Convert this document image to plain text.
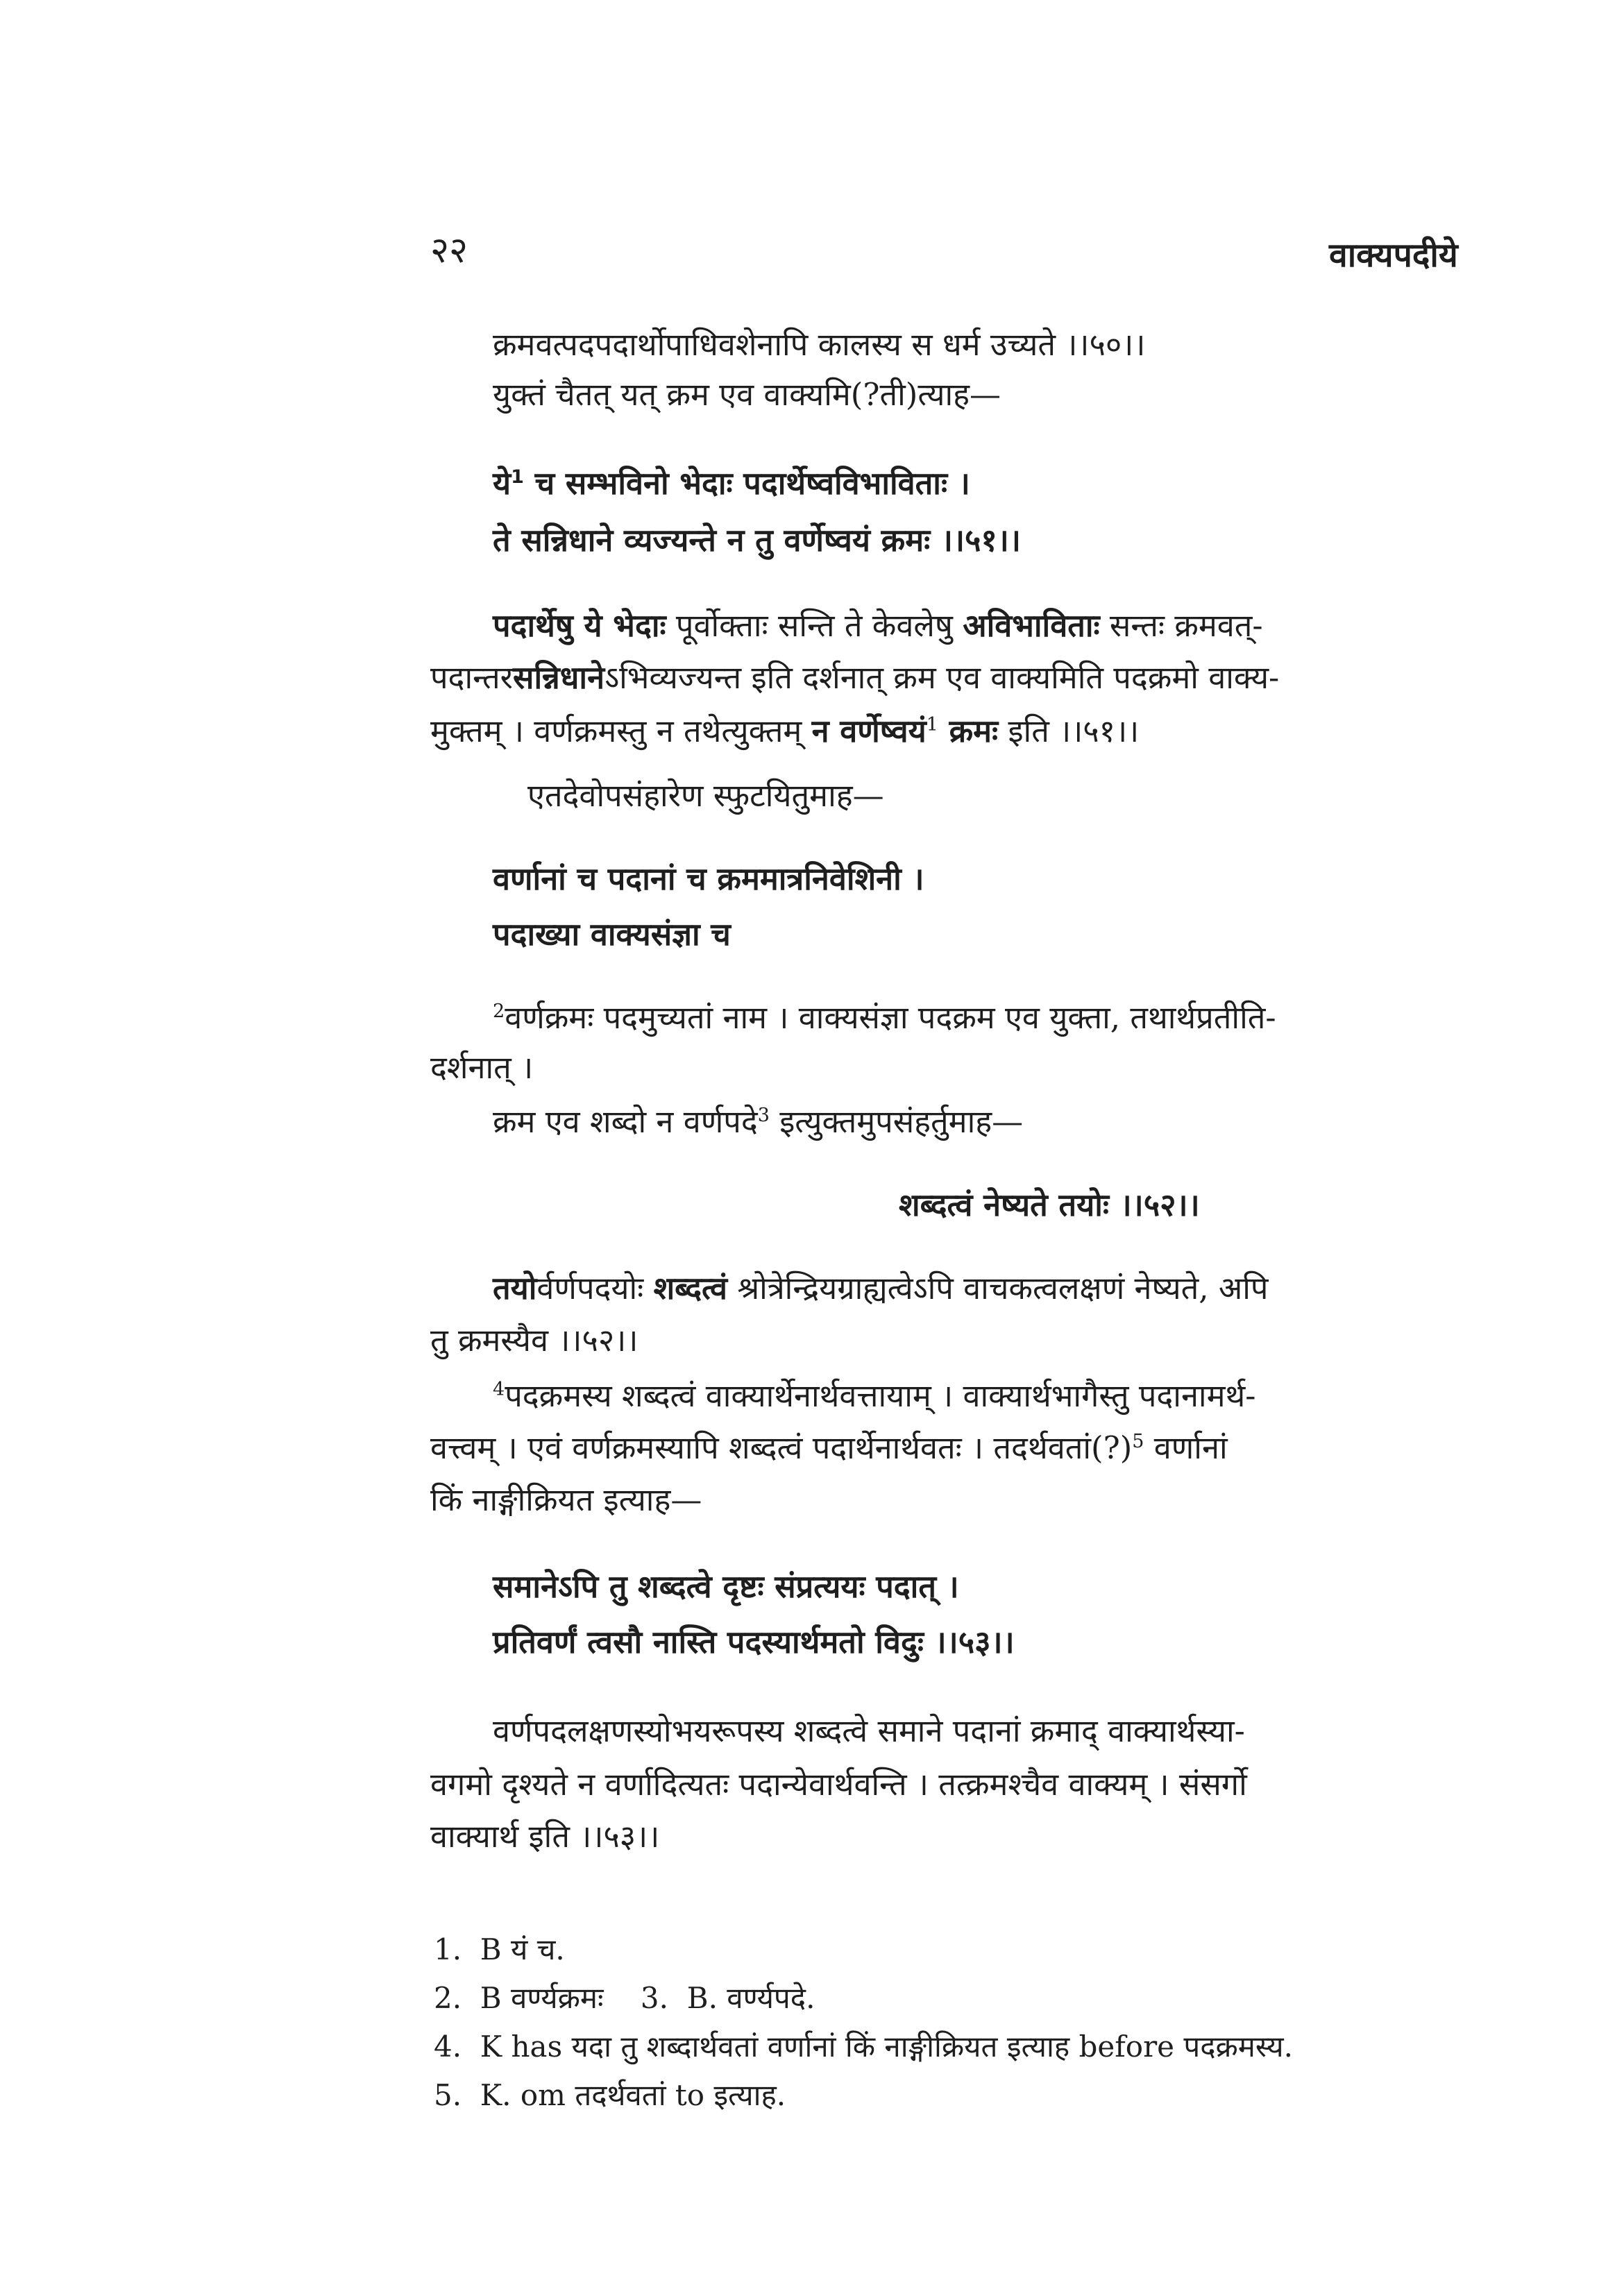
२२	वाक्यपदीये
क्रमवत्पदपदार्थोपाधिवशेनापि कालस्य स धर्म उच्यते ।।५०।।
युक्तं चैतत् यत् क्रम एव वाक्यमि(?ती)त्याह—
ये$^1$ च सम्भविनो भेदाः पदार्थेष्वविभाविताः ।
ते सन्निधाने व्यज्यन्ते न तु वर्णेष्वयं क्रमः ।।५१।।
पदार्थेषु ये भेदाः पूर्वोक्ताः सन्ति ते केवलेषु अविभाविताः सन्तः क्रमवत्-
पदान्तरसन्निधानेऽभिव्यज्यन्त इति दर्शनात् क्रम एव वाक्यमिति पदक्रमो वाक्य-
मुक्तम् । वर्णक्रमस्तु न तथेत्युक्तम् न वर्णेष्वयं$^1$ क्रमः इति ।।५१।।
एतदेवोपसंहारेण स्फुटयितुमाह—
वर्णानां च पदानां च क्रममात्रनिवेशिनी ।
पदाख्या वाक्यसंज्ञा च
$^2$वर्णक्रमः पदमुच्यतां नाम । वाक्यसंज्ञा पदक्रम एव युक्ता, तथार्थप्रतीति-
दर्शनात् ।
क्रम एव शब्दो न वर्णपदे$^3$ इत्युक्तमुपसंहर्तुमाह—
शब्दत्वं नेष्यते तयोः ।।५२।।
तयोर्वर्णपदयोः शब्दत्वं श्रोत्रेन्द्रियग्राह्यत्वेऽपि वाचकत्वलक्षणं नेष्यते, अपि
तु क्रमस्यैव ।।५२।।
$^4$पदक्रमस्य शब्दत्वं वाक्यार्थेनार्थवत्तायाम् । वाक्यार्थभागैस्तु पदानामर्थ-
वत्त्वम् । एवं वर्णक्रमस्यापि शब्दत्वं पदार्थेनार्थवतः । तदर्थवतां(?)$^5$ वर्णानां
किं नाङ्गीक्रियत इत्याह—
समानेऽपि तु शब्दत्वे दृष्टः संप्रत्ययः पदात् ।
प्रतिवर्णं त्वसौ नास्ति पदस्यार्थमतो विदुः ।।५३।।
वर्णपदलक्षणस्योभयरूपस्य शब्दत्वे समाने पदानां क्रमाद् वाक्यार्थस्या-
वगमो दृश्यते न वर्णादित्यतः पदान्येवार्थवन्ति । तत्क्रमश्चैव वाक्यम् । संसर्गो
वाक्यार्थ इति ।।५३।।
1. B यं च.
2. B वर्ण्यक्रमः 3. B. वर्ण्यपदे.
4. K has यदा तु शब्दार्थवतां वर्णानां किं नाङ्गीक्रियत इत्याह before पदक्रमस्य.
5. K. om तदर्थवतां to इत्याह.
